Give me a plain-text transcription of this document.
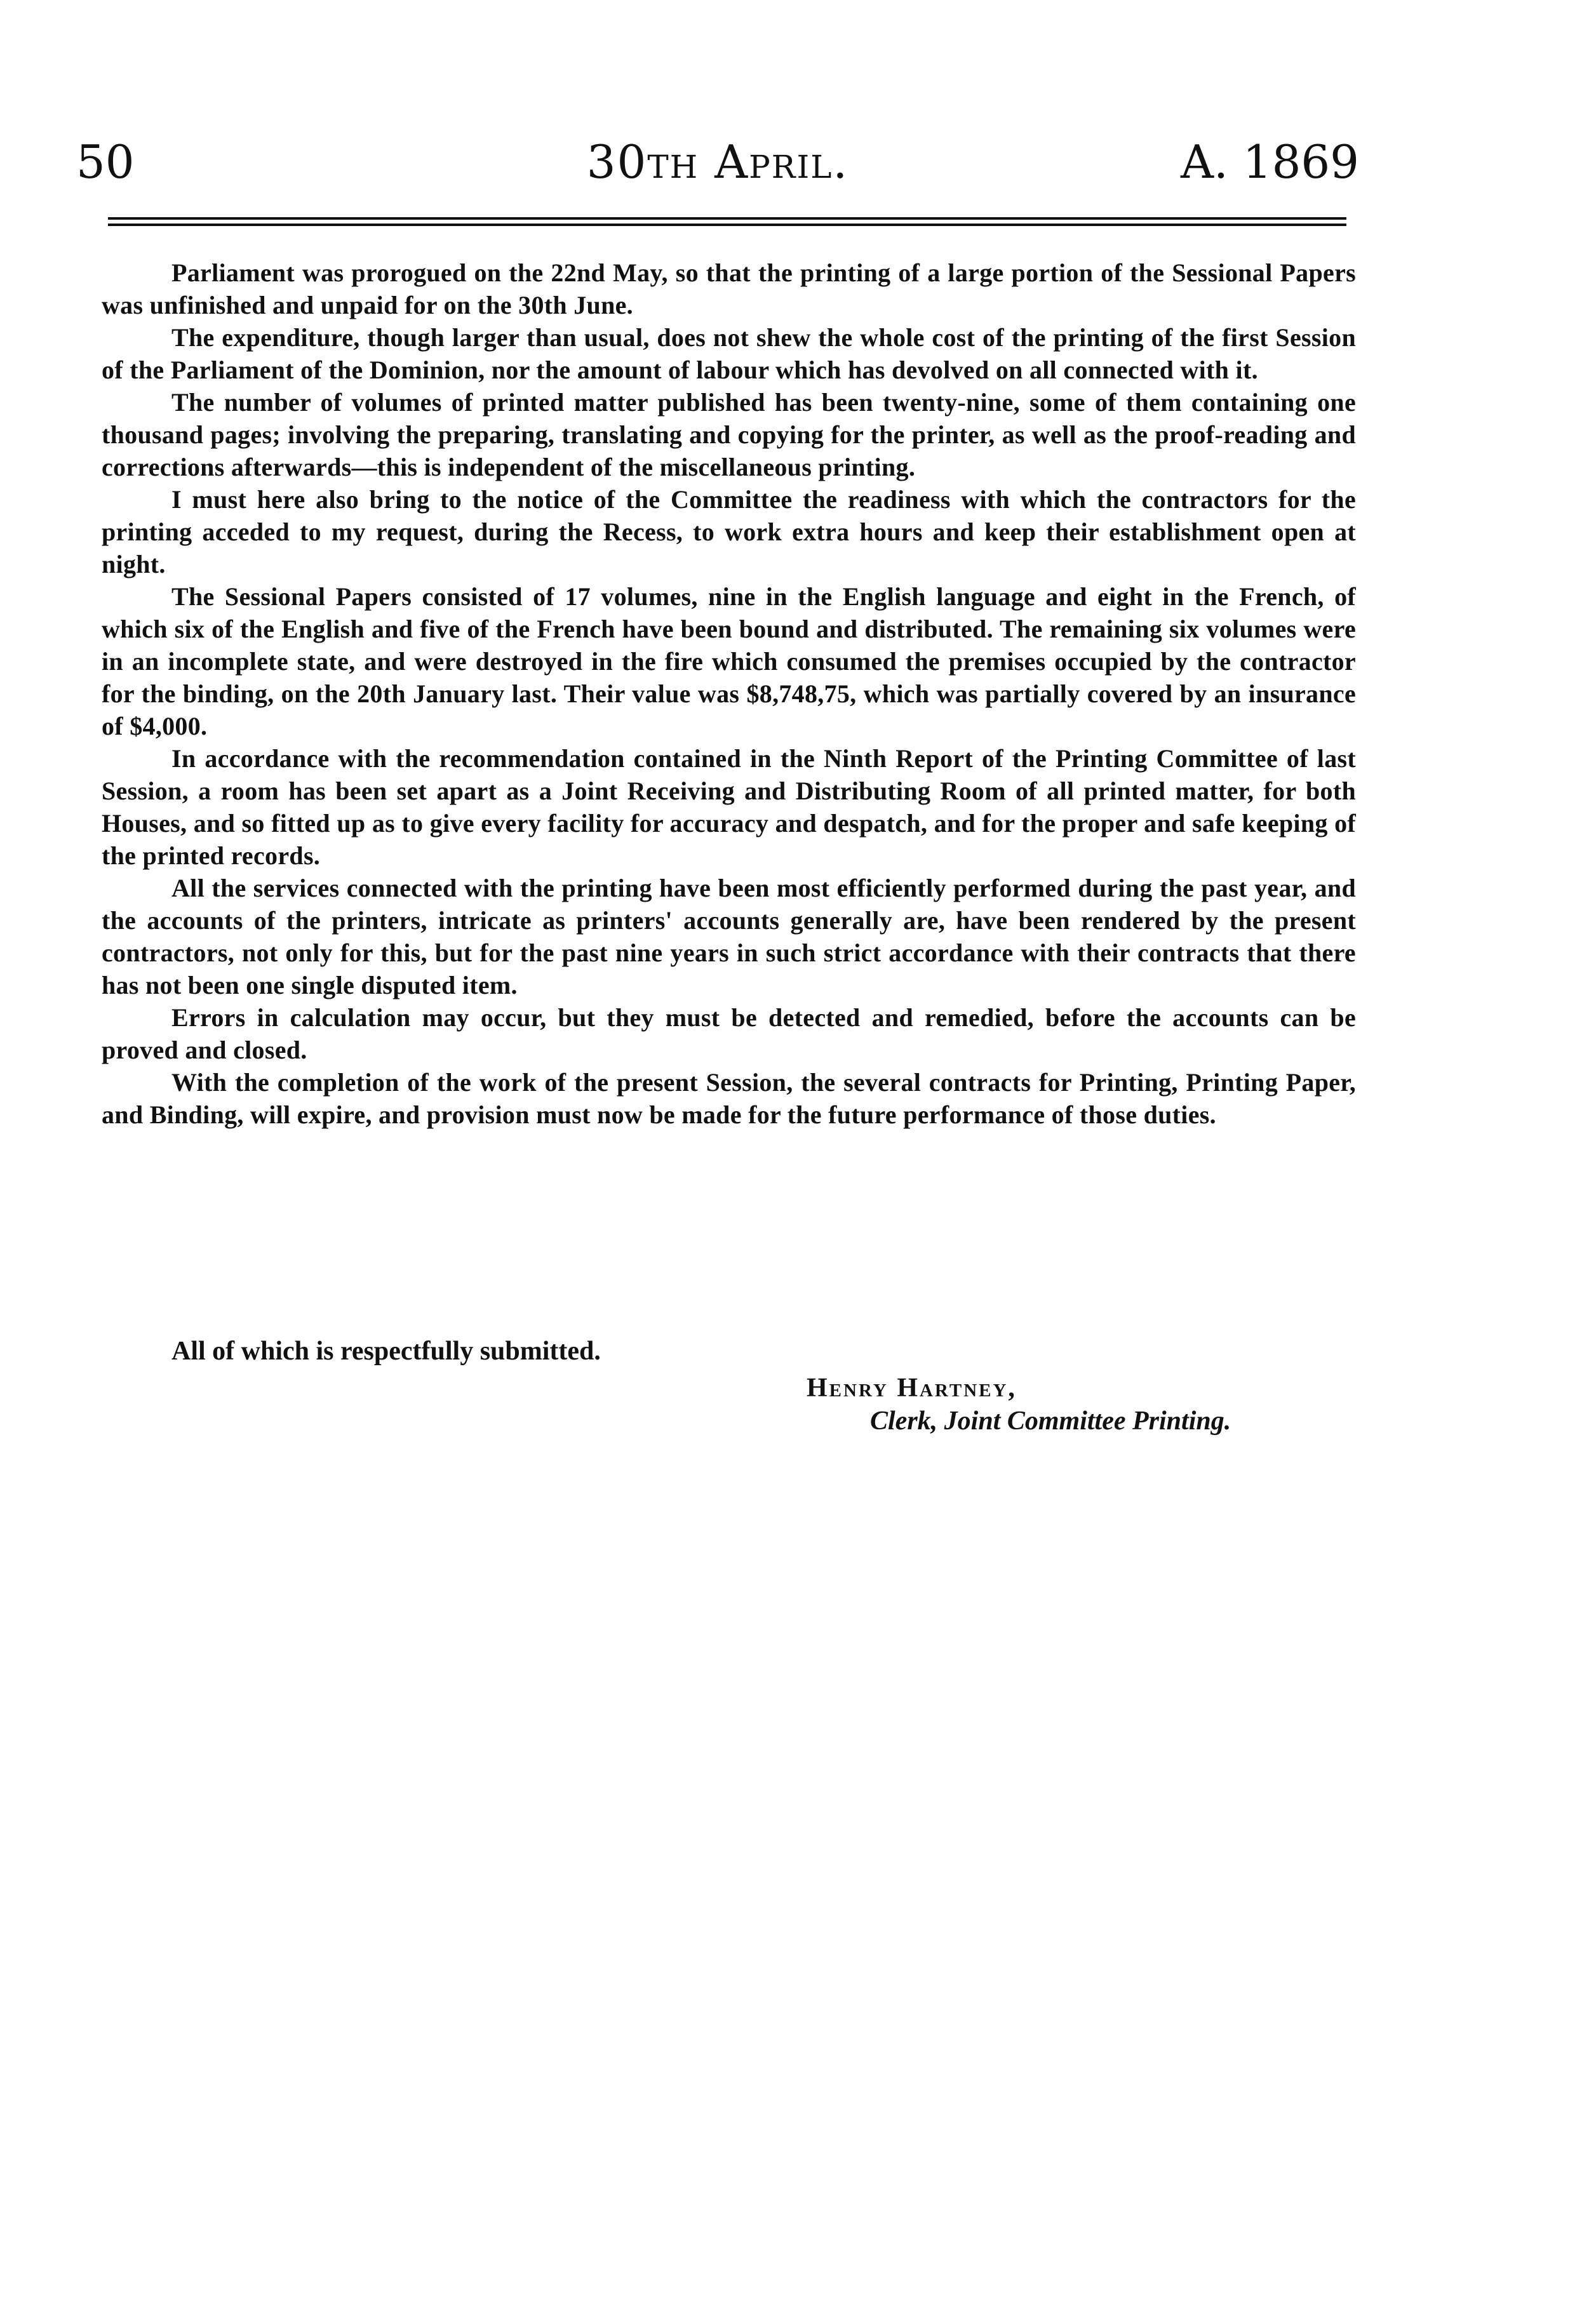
50	30th April.	A. 1869

Parliament was prorogued on the 22nd May, so that the printing of a large portion of the Sessional Papers was unfinished and unpaid for on the 30th June.

The expenditure, though larger than usual, does not shew the whole cost of the printing of the first Session of the Parliament of the Dominion, nor the amount of labour which has devolved on all connected with it.

The number of volumes of printed matter published has been twenty-nine, some of them containing one thousand pages; involving the preparing, translating and copying for the printer, as well as the proof-reading and corrections afterwards—this is independent of the miscellaneous printing.

I must here also bring to the notice of the Committee the readiness with which the contractors for the printing acceded to my request, during the Recess, to work extra hours and keep their establishment open at night.

The Sessional Papers consisted of 17 volumes, nine in the English language and eight in the French, of which six of the English and five of the French have been bound and distributed. The remaining six volumes were in an incomplete state, and were destroyed in the fire which consumed the premises occupied by the contractor for the binding, on the 20th January last. Their value was $8,748,75, which was partially covered by an insurance of $4,000.

In accordance with the recommendation contained in the Ninth Report of the Printing Committee of last Session, a room has been set apart as a Joint Receiving and Distributing Room of all printed matter, for both Houses, and so fitted up as to give every facility for accuracy and despatch, and for the proper and safe keeping of the printed records.

All the services connected with the printing have been most efficiently performed during the past year, and the accounts of the printers, intricate as printers' accounts generally are, have been rendered by the present contractors, not only for this, but for the past nine years in such strict accordance with their contracts that there has not been one single disputed item.

Errors in calculation may occur, but they must be detected and remedied, before the accounts can be proved and closed.

With the completion of the work of the present Session, the several contracts for Printing, Printing Paper, and Binding, will expire, and provision must now be made for the future performance of those duties.

All of which is respectfully submitted.
Henry Hartney,
Clerk, Joint Committee Printing.
